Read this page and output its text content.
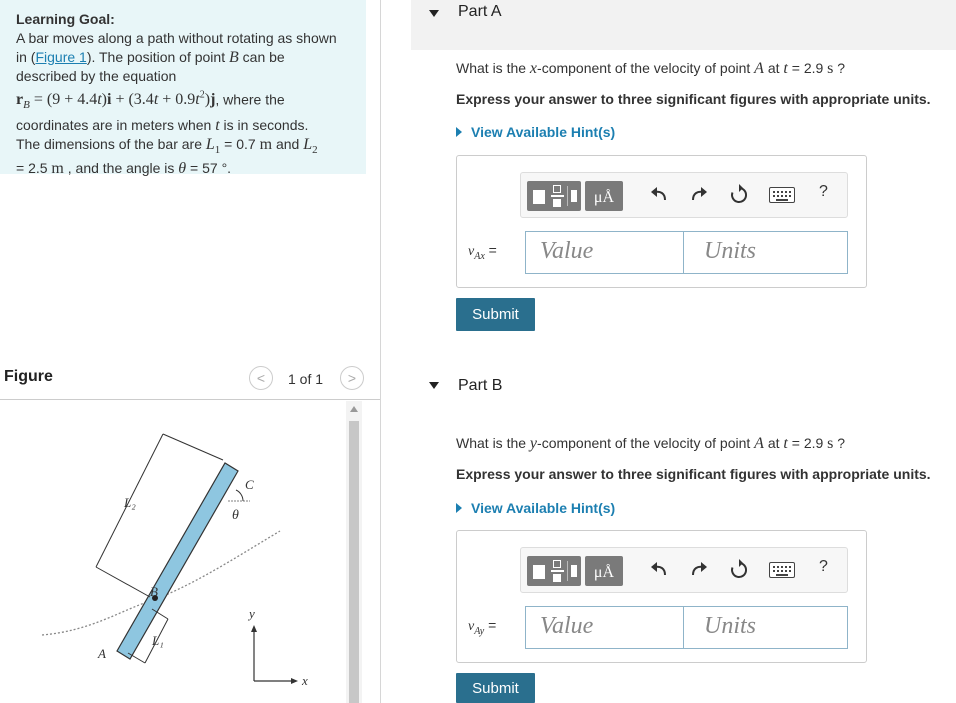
Learning Goal:
A bar moves along a path without rotating as shown
in (Figure 1). The position of point B can be
described by the equation
$r_B = (9 + 4.4t)i + (3.4t + 0.9t^2)j$, where the
coordinates are in meters when t is in seconds.
The dimensions of the bar are $L_1 = 0.7$ m and $L_2$
= 2.5 m , and the angle is θ = 57 °.
Figure	<	1 of 1	>
L₂
C
θ
B
L₁
A
y
x
Part A
What is the x-component of the velocity of point A at t = 2.9 s ?
Express your answer to three significant figures with appropriate units.
View Available Hint(s)
μÅ	?
$v_{Ax}$ =	Value	Units
Submit
Part B
What is the y-component of the velocity of point A at t = 2.9 s ?
Express your answer to three significant figures with appropriate units.
View Available Hint(s)
μÅ	?
$v_{Ay}$ =	Value	Units
Submit
